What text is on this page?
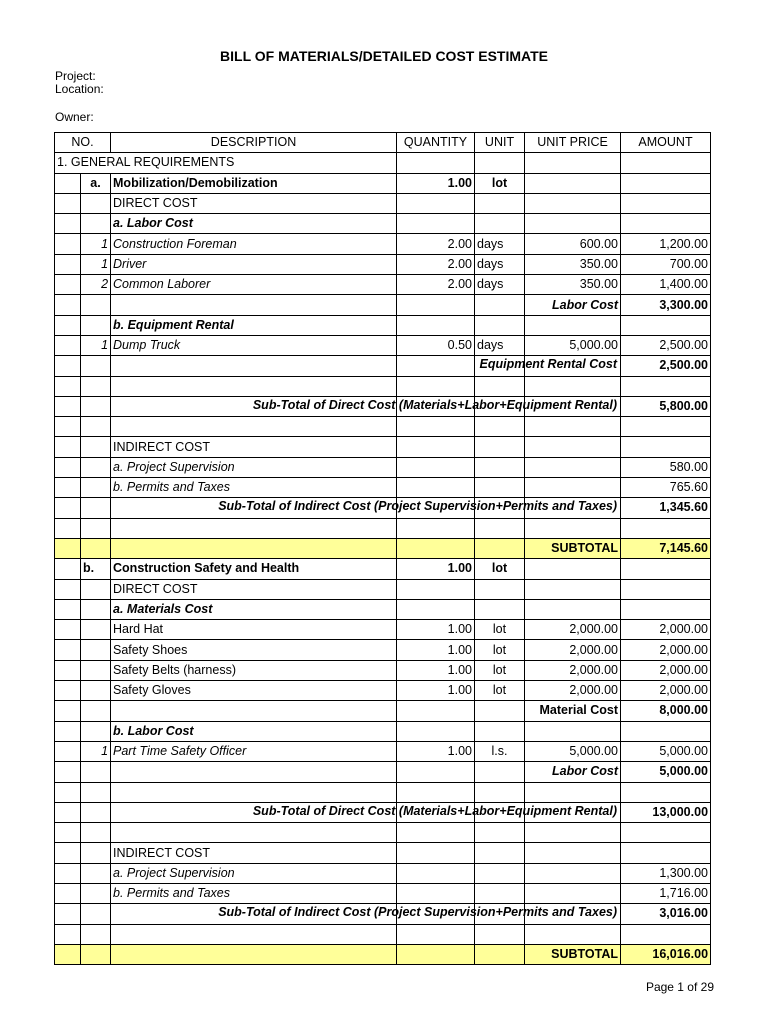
BILL OF MATERIALS/DETAILED COST ESTIMATE
Project:
Location:
Owner:
NO.		DESCRIPTION	QUANTITY	UNIT	UNIT PRICE	AMOUNT
1. GENERAL REQUIREMENTS						
	a.	Mobilization/Demobilization	1.00	lot		
		DIRECT COST				
		a. Labor Cost				
	1	Construction Foreman	2.00	days	600.00	1,200.00
	1	Driver	2.00	days	350.00	700.00
	2	Common Laborer	2.00	days	350.00	1,400.00
					Labor Cost	3,300.00
		b. Equipment Rental				
	1	Dump Truck	0.50	days	5,000.00	2,500.00

					Equipment Rental Cost	2,500.00

					Sub-Total of Direct Cost (Materials+Labor+Equipment Rental)	5,800.00

		INDIRECT COST				
		a. Project Supervision				580.00
		b. Permits and Taxes				765.60

					Sub-Total of Indirect Cost (Project Supervision+Permits and Taxes)	1,345.60

					SUBTOTAL	7,145.60
	b.	Construction Safety and Health	1.00	lot		
		DIRECT COST				
		a. Materials Cost				
		Hard Hat	1.00	lot	2,000.00	2,000.00
		Safety Shoes	1.00	lot	2,000.00	2,000.00
		Safety Belts (harness)	1.00	lot	2,000.00	2,000.00
		Safety Gloves	1.00	lot	2,000.00	2,000.00
					Material Cost	8,000.00
		b. Labor Cost				
	1	Part Time Safety Officer	1.00	l.s.	5,000.00	5,000.00
					Labor Cost	5,000.00

					Sub-Total of Direct Cost (Materials+Labor+Equipment Rental)	13,000.00

		INDIRECT COST				
		a. Project Supervision				1,300.00
		b. Permits and Taxes				1,716.00

					Sub-Total of Indirect Cost (Project Supervision+Permits and Taxes)	3,016.00

					SUBTOTAL	16,016.00
Page 1 of 29
